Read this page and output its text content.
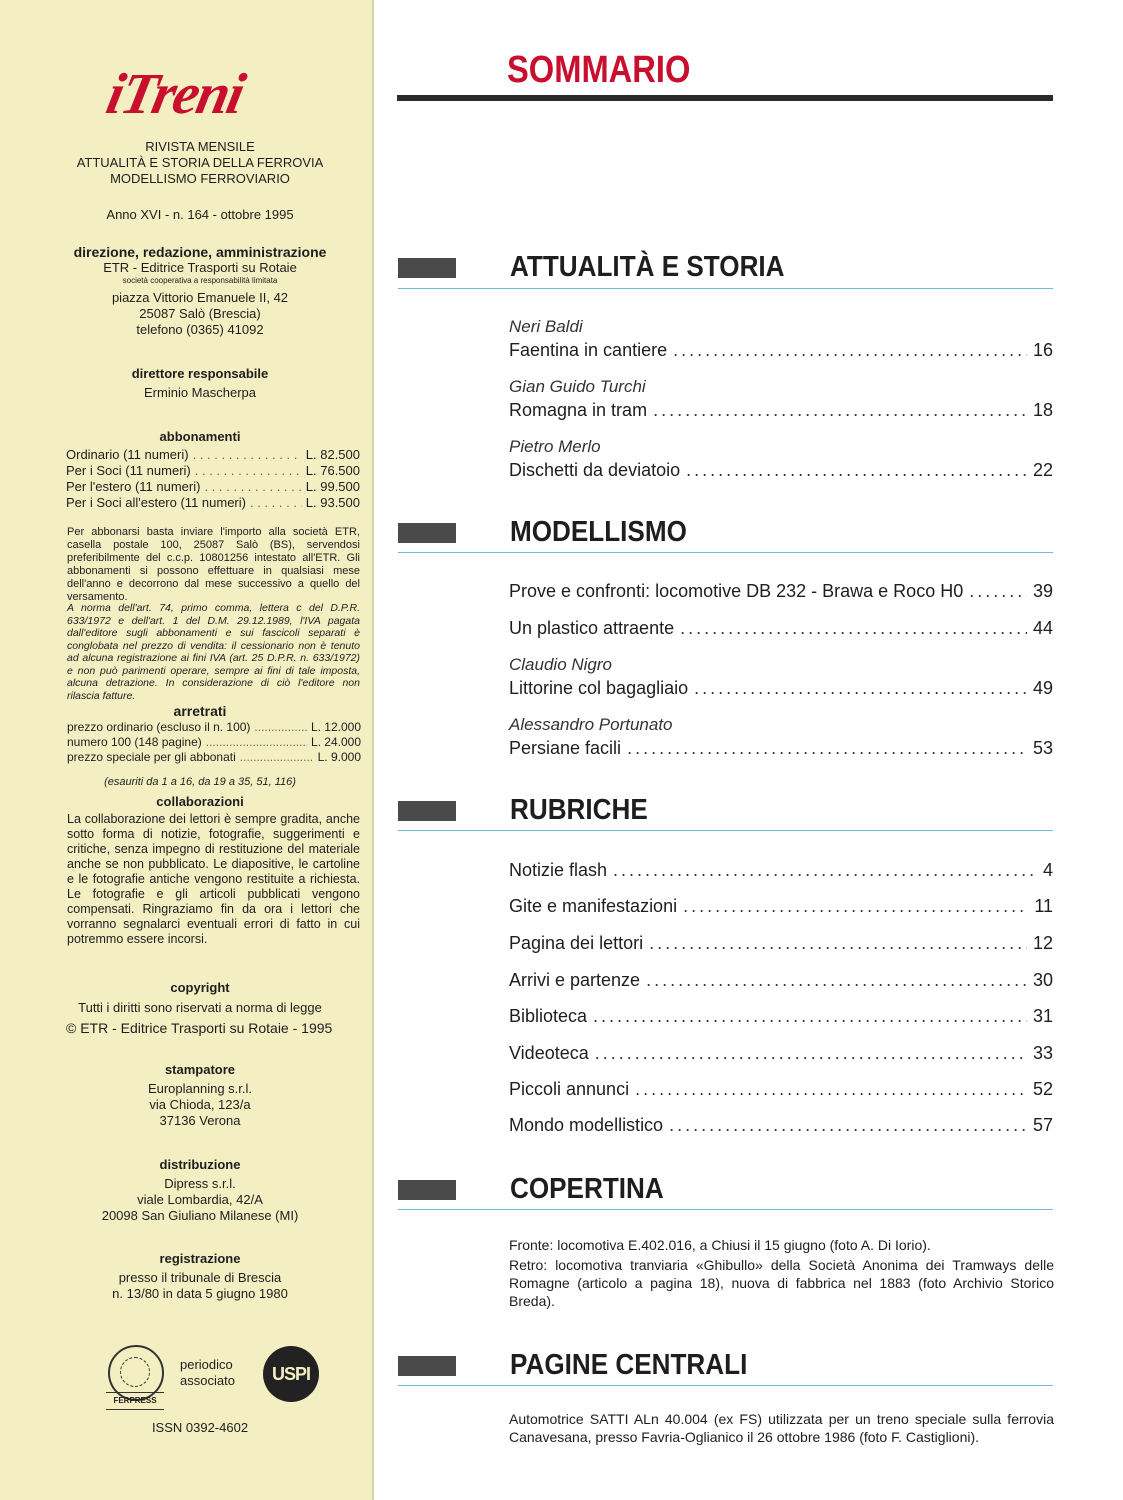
iTreni
RIVISTA MENSILE
ATTUALITÀ E STORIA DELLA FERROVIA
MODELLISMO FERROVIARIO
Anno XVI - n. 164 - ottobre 1995
direzione, redazione, amministrazione
ETR - Editrice Trasporti su Rotaie
società cooperativa a responsabilità limitata
piazza Vittorio Emanuele II, 42
25087 Salò (Brescia)
telefono (0365) 41092
direttore responsabile
Erminio Mascherpa
abbonamenti
Ordinario (11 numeri) . . .	L. 82.500
Per i Soci (11 numeri) . . .	L. 76.500
Per l'estero (11 numeri) . . .	L. 99.500
Per i Soci all'estero (11 numeri) . . .	L. 93.500
Per abbonarsi basta inviare l'importo alla società ETR, casella postale 100, 25087 Salò (BS), servendosi preferibilmente del c.c.p. 10801256 intestato all'ETR. Gli abbonamenti si possono effettuare in qualsiasi mese dell'anno e decorrono dal mese successivo a quello del versamento.
A norma dell'art. 74, primo comma, lettera c del D.P.R. 633/1972 e dell'art. 1 del D.M. 29.12.1989, l'IVA pagata dall'editore sugli abbonamenti e sui fascicoli separati è conglobata nel prezzo di vendita: il cessionario non è tenuto ad alcuna registrazione ai fini IVA (art. 25 D.P.R. n. 633/1972) e non può parimenti operare, sempre ai fini di tale imposta, alcuna detrazione. In considerazione di ciò l'editore non rilascia fatture.
arretrati
prezzo ordinario (escluso il n. 100) .....	L. 12.000
numero 100 (148 pagine) .....	L. 24.000
prezzo speciale per gli abbonati .....	L. 9.000
(esauriti da 1 a 16, da 19 a 35, 51, 116)
collaborazioni
La collaborazione dei lettori è sempre gradita, anche sotto forma di notizie, fotografie, suggerimenti e critiche, senza impegno di restituzione del materiale anche se non pubblicato. Le diapositive, le cartoline e le fotografie antiche vengono restituite a richiesta. Le fotografie e gli articoli pubblicati vengono compensati. Ringraziamo fin da ora i lettori che vorranno segnalarci eventuali errori di fatto in cui potremmo essere incorsi.
copyright
Tutti i diritti sono riservati a norma di legge
© ETR - Editrice Trasporti su Rotaie - 1995
stampatore
Europlanning s.r.l.
via Chioda, 123/a
37136 Verona
distribuzione
Dipress s.r.l.
viale Lombardia, 42/A
20098 San Giuliano Milanese (MI)
registrazione
presso il tribunale di Brescia
n. 13/80 in data 5 giugno 1980
FERPRESS
periodico
associato	USPI
ISSN 0392-4602
SOMMARIO
ATTUALITÀ E STORIA
Neri Baldi
Faentina in cantiere .....	16
Gian Guido Turchi
Romagna in tram .....	18
Pietro Merlo
Dischetti da deviatoio .....	22
MODELLISMO
Prove e confronti: locomotive DB 232 - Brawa e Roco H0 .....	39
Un plastico attraente .....	44
Claudio Nigro
Littorine col bagagliaio .....	49
Alessandro Portunato
Persiane facili .....	53
RUBRICHE
Notizie flash .....	4
Gite e manifestazioni .....	11
Pagina dei lettori .....	12
Arrivi e partenze .....	30
Biblioteca .....	31
Videoteca .....	33
Piccoli annunci .....	52
Mondo modellistico .....	57
COPERTINA
Fronte: locomotiva E.402.016, a Chiusi il 15 giugno (foto A. Di Iorio).
Retro: locomotiva tranviaria «Ghibullo» della Società Anonima dei Tramways delle Romagne (articolo a pagina 18), nuova di fabbrica nel 1883 (foto Archivio Storico Breda).
PAGINE CENTRALI
Automotrice SATTI ALn 40.004 (ex FS) utilizzata per un treno speciale sulla ferrovia Canavesana, presso Favria-Oglianico il 26 ottobre 1986 (foto F. Castiglioni).
